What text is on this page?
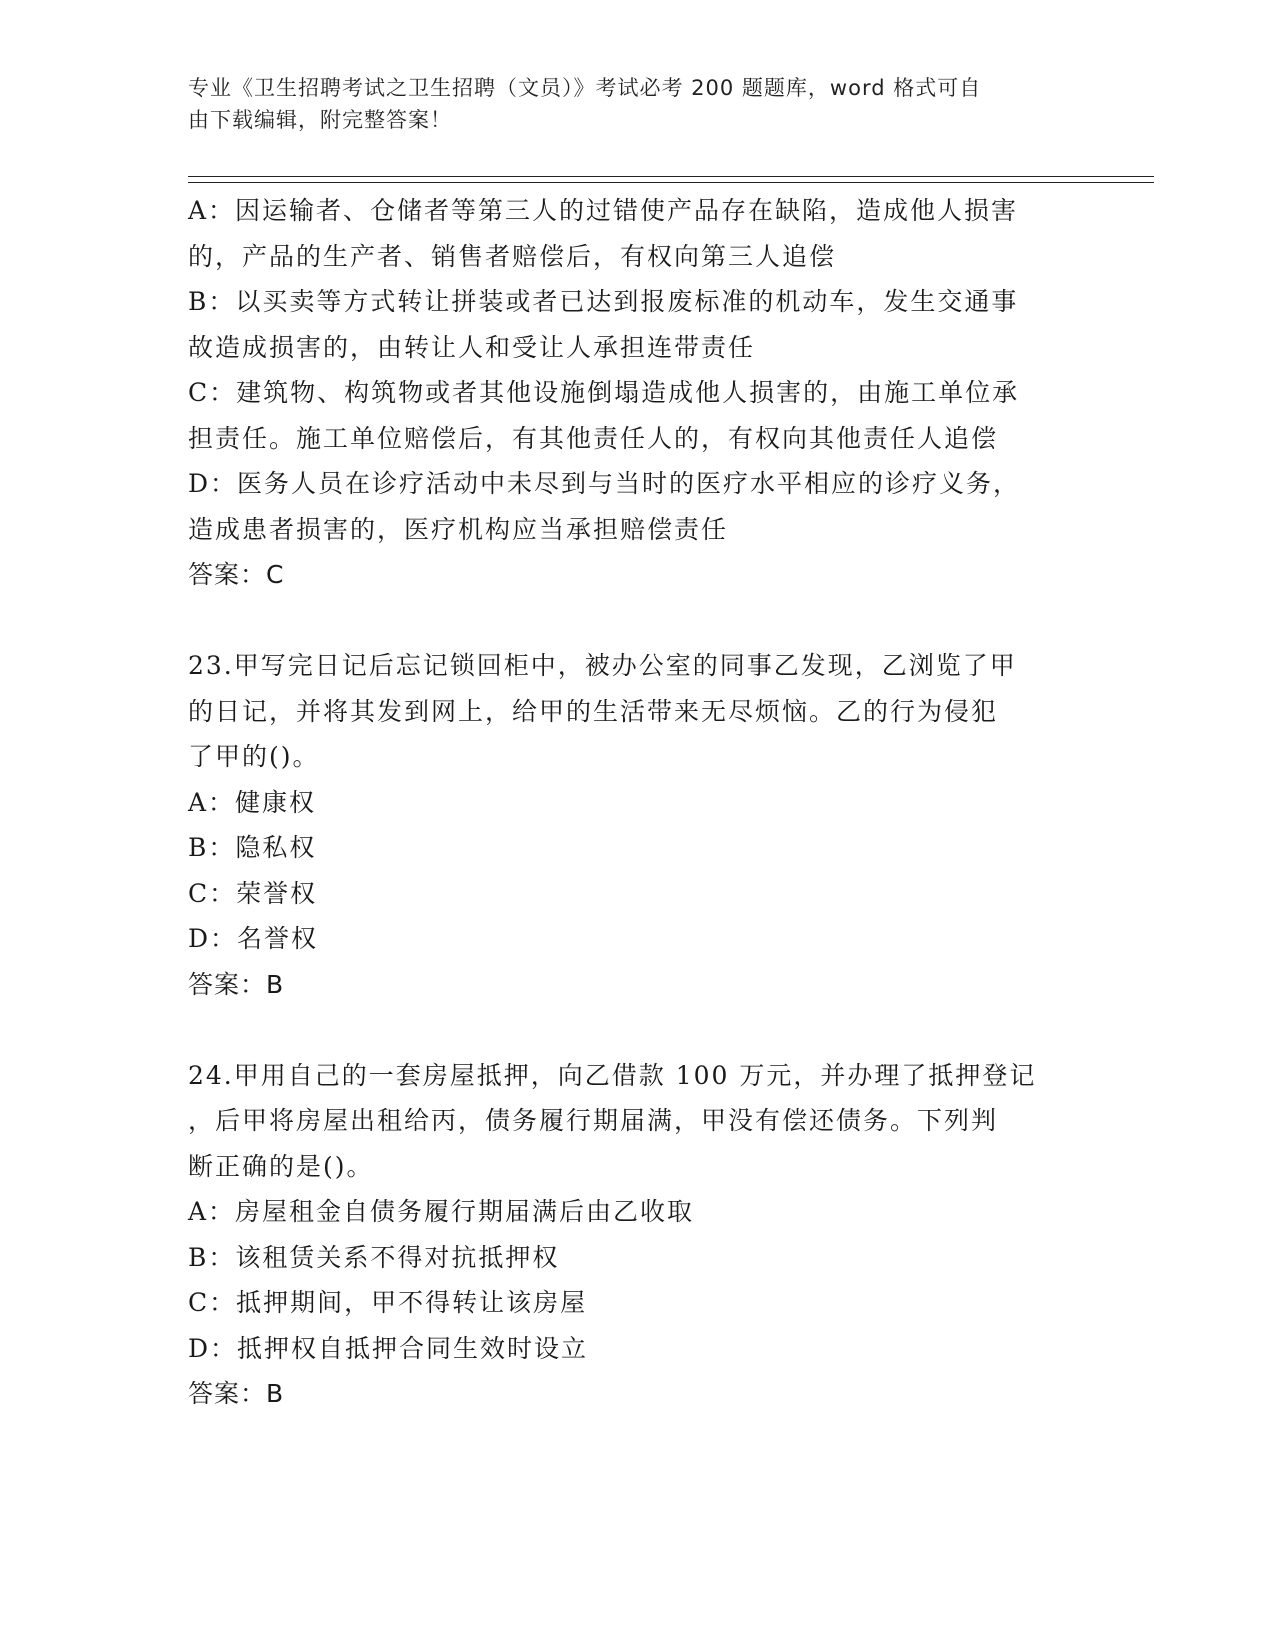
专业《卫生招聘考试之卫生招聘（文员）》考试必考 200 题题库，word 格式可自
由下载编辑，附完整答案！
A：因运输者、仓储者等第三人的过错使产品存在缺陷，造成他人损害
的，产品的生产者、销售者赔偿后，有权向第三人追偿
B：以买卖等方式转让拼装或者已达到报废标准的机动车，发生交通事
故造成损害的，由转让人和受让人承担连带责任
C：建筑物、构筑物或者其他设施倒塌造成他人损害的，由施工单位承
担责任。施工单位赔偿后，有其他责任人的，有权向其他责任人追偿
D：医务人员在诊疗活动中未尽到与当时的医疗水平相应的诊疗义务，
造成患者损害的，医疗机构应当承担赔偿责任
答案：C
23.甲写完日记后忘记锁回柜中，被办公室的同事乙发现，乙浏览了甲
的日记，并将其发到网上，给甲的生活带来无尽烦恼。乙的行为侵犯
了甲的()。
A：健康权
B：隐私权
C：荣誉权
D：名誉权
答案：B
24.甲用自己的一套房屋抵押，向乙借款 100 万元，并办理了抵押登记
，后甲将房屋出租给丙，债务履行期届满，甲没有偿还债务。下列判
断正确的是()。
A：房屋租金自债务履行期届满后由乙收取
B：该租赁关系不得对抗抵押权
C：抵押期间，甲不得转让该房屋
D：抵押权自抵押合同生效时设立
答案：B
